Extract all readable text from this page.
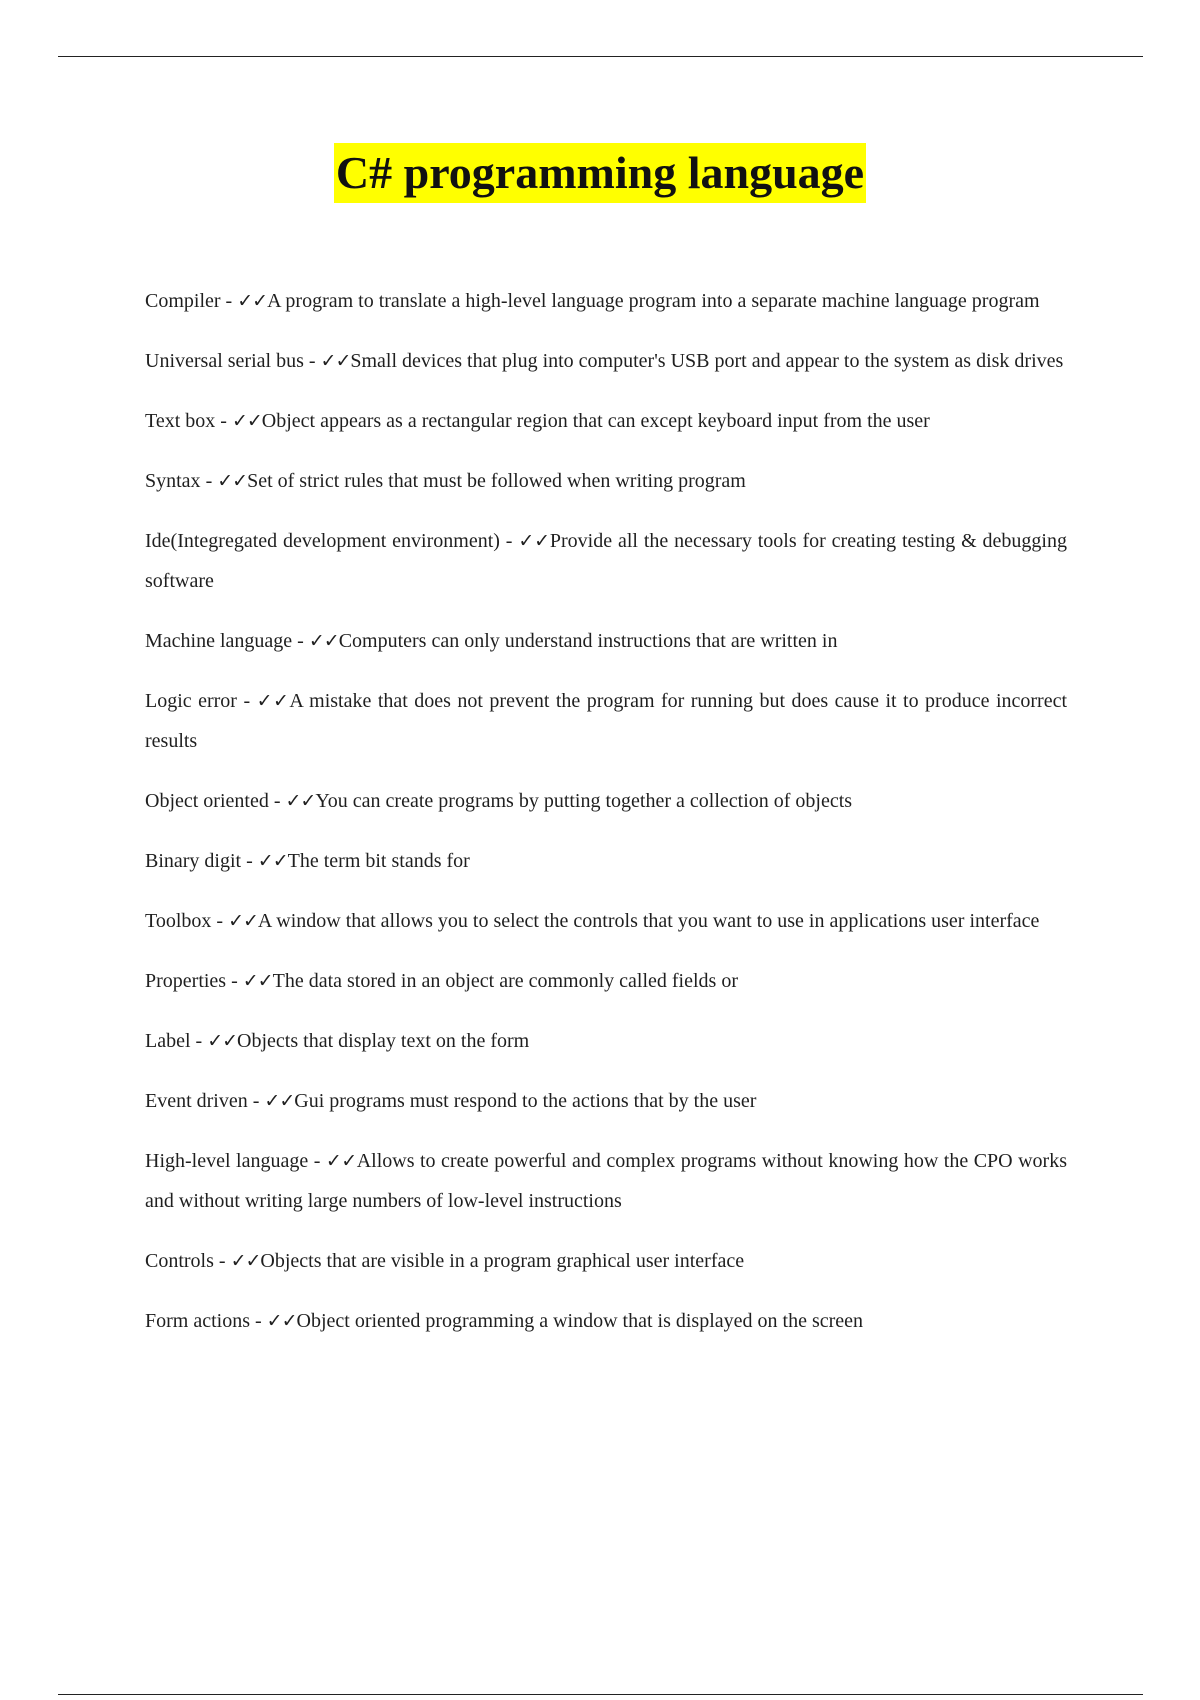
C# programming language
Compiler - ✓✓A program to translate a high-level language program into a separate machine language program
Universal serial bus - ✓✓Small devices that plug into computer's USB port and appear to the system as disk drives
Text box - ✓✓Object appears as a rectangular region that can except keyboard input from the user
Syntax - ✓✓Set of strict rules that must be followed when writing program
Ide(Integregated development environment) - ✓✓Provide all the necessary tools for creating testing & debugging software
Machine language - ✓✓Computers can only understand instructions that are written in
Logic error - ✓✓A mistake that does not prevent the program for running but does cause it to produce incorrect results
Object oriented - ✓✓You can create programs by putting together a collection of objects
Binary digit - ✓✓The term bit stands for
Toolbox - ✓✓A window that allows you to select the controls that you want to use in applications user interface
Properties - ✓✓The data stored in an object are commonly called fields or
Label - ✓✓Objects that display text on the form
Event driven - ✓✓Gui programs must respond to the actions that by the user
High-level language - ✓✓Allows to create powerful and complex programs without knowing how the CPO works and without writing large numbers of low-level instructions
Controls - ✓✓Objects that are visible in a program graphical user interface
Form actions - ✓✓Object oriented programming a window that is displayed on the screen
